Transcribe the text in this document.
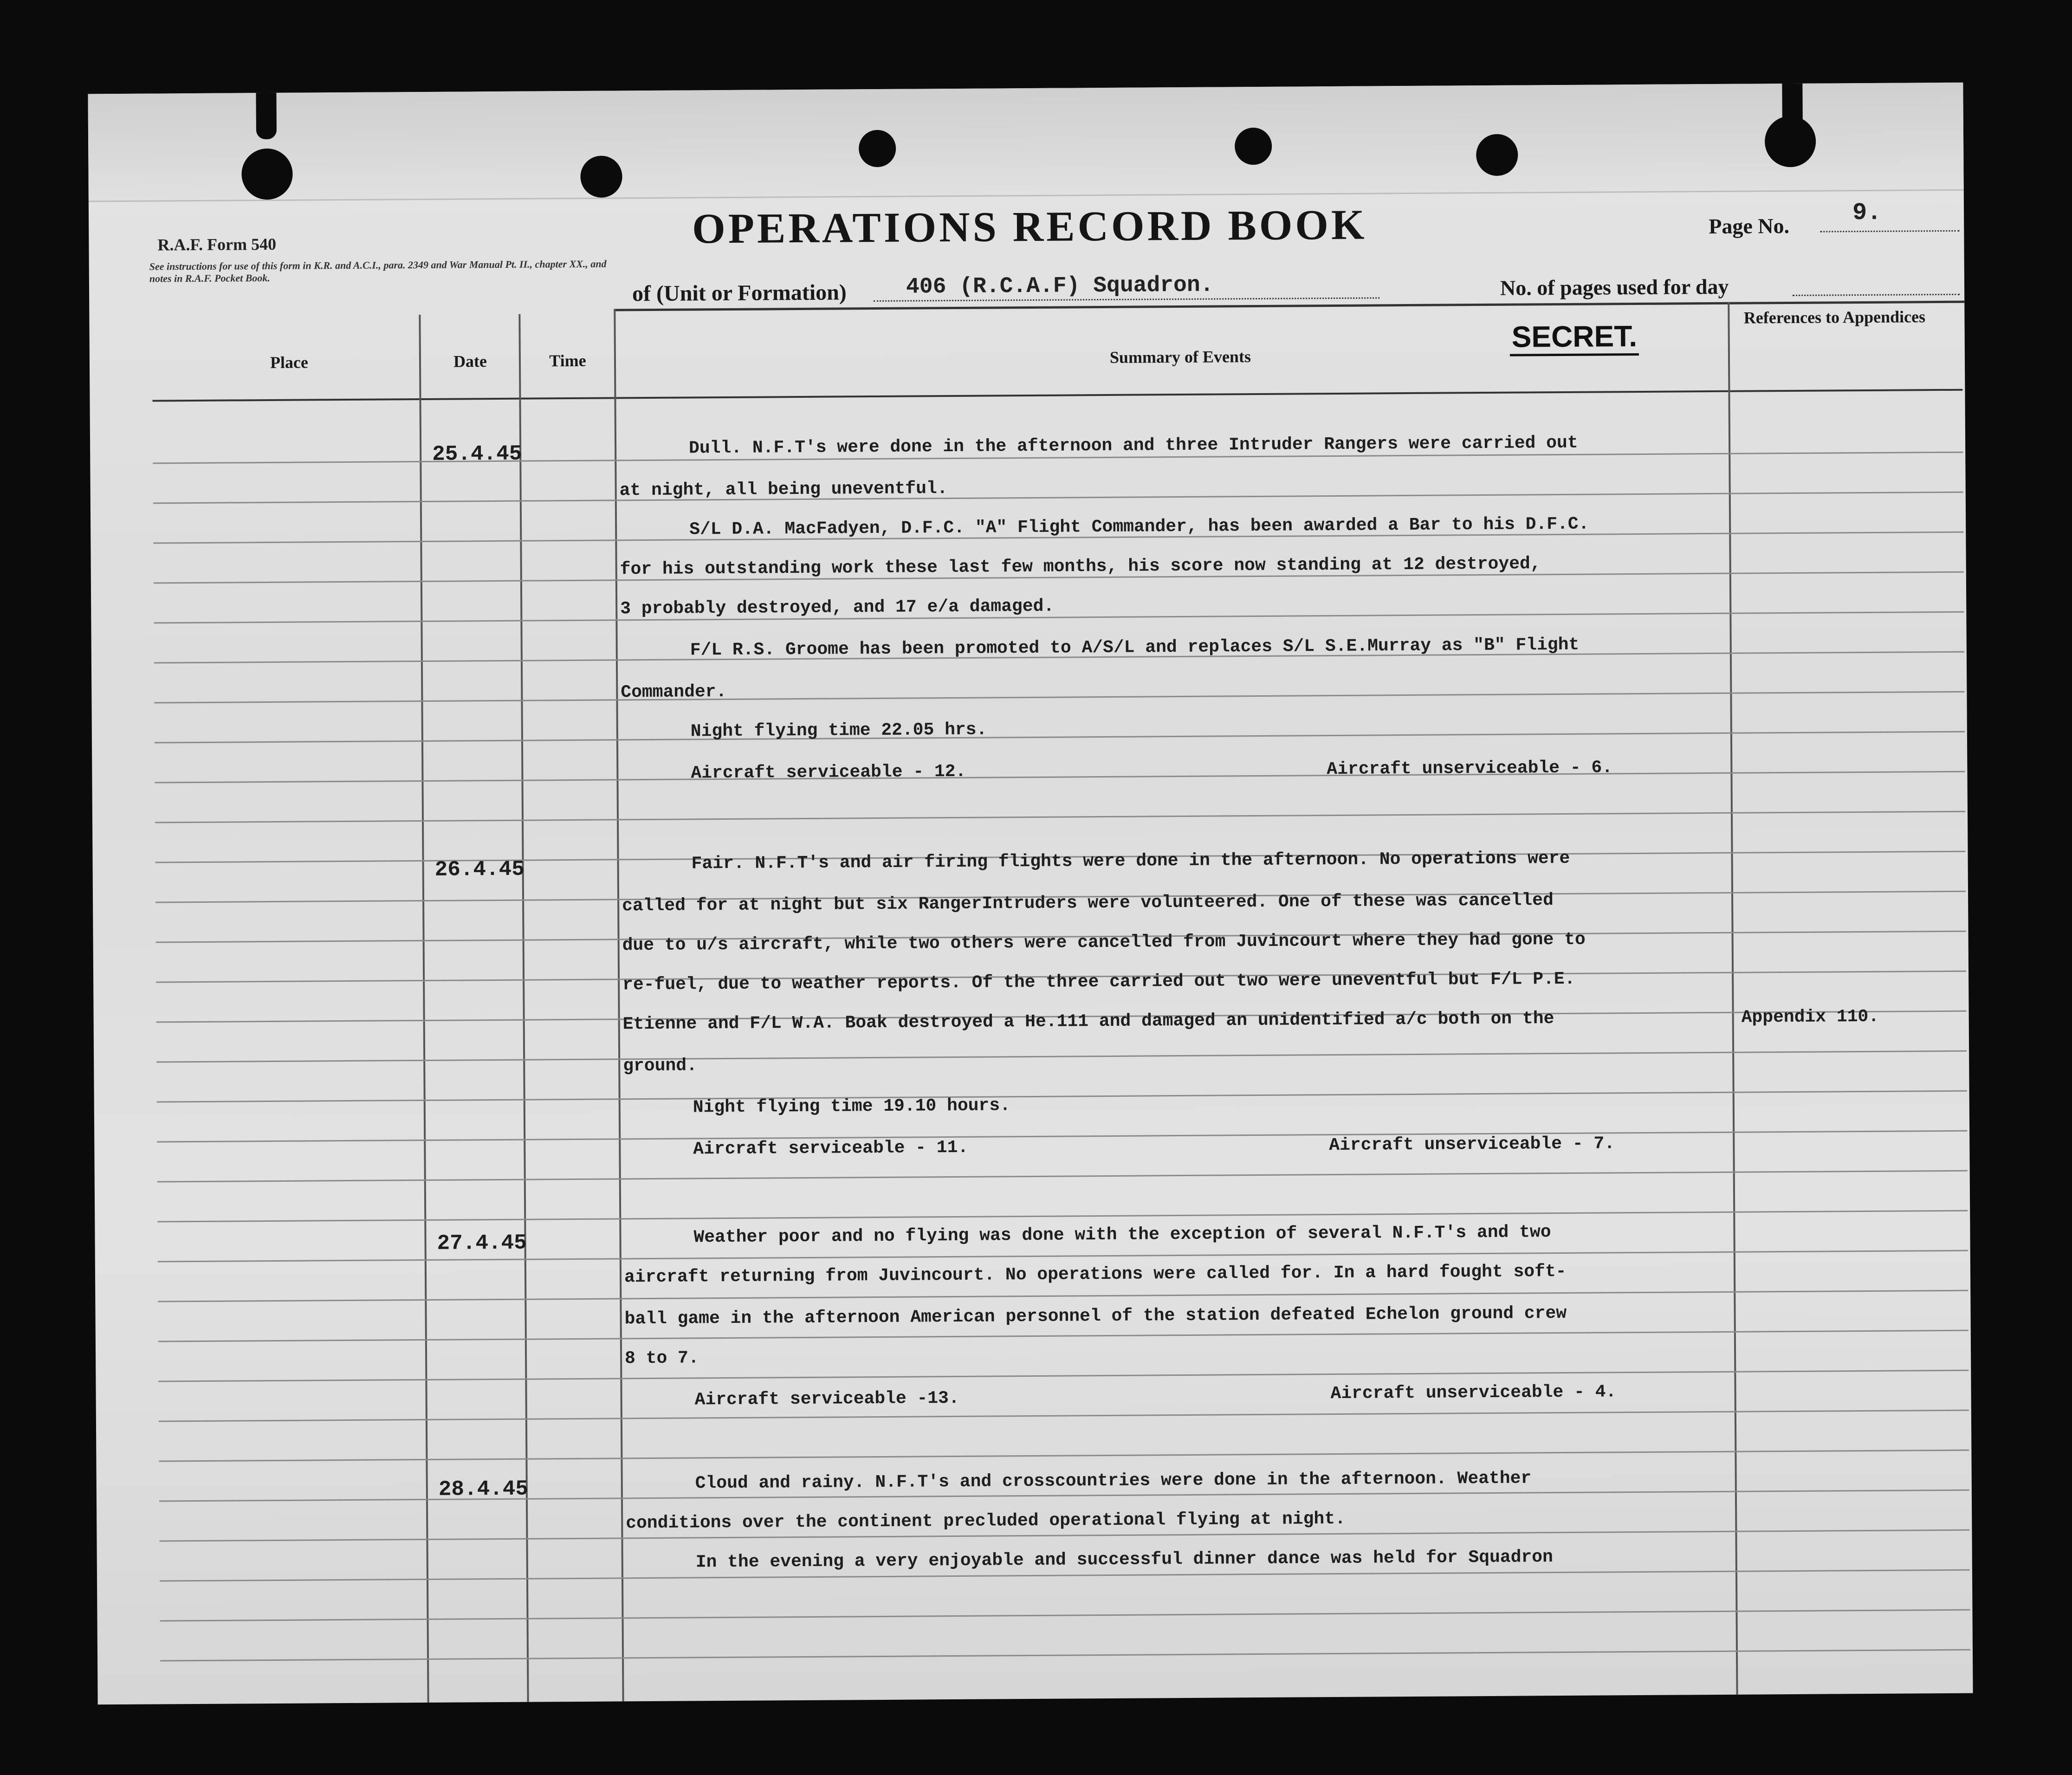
R.A.F. Form 540
See instructions for use of this form in K.R. and A.C.I., para. 2349 and War Manual Pt. II., chapter XX., and notes in R.A.F. Pocket Book.
OPERATIONS RECORD BOOK	Page No.	9.
of (Unit or Formation)	406 (R.C.A.F) Squadron.	No. of pages used for day
Place	Date	Time	Summary of Events
References to Appendices
SECRET.
25.4.45	Dull. N.F.T's were done in the afternoon and three Intruder Rangers were carried out
at night, all being uneventful.
S/L D.A. MacFadyen, D.F.C. "A" Flight Commander, has been awarded a Bar to his D.F.C.
for his outstanding work these last few months, his score now standing at 12 destroyed,
3 probably destroyed, and 17 e/a damaged.
F/L R.S. Groome has been promoted to A/S/L and replaces S/L S.E.Murray as "B" Flight
Commander.
Night flying time 22.05 hrs.
Aircraft serviceable - 12.	Aircraft unserviceable - 6.
26.4.45	Fair. N.F.T's and air firing flights were done in the afternoon. No operations were
called for at night but six RangerIntruders were volunteered. One of these was cancelled
due to u/s aircraft, while two others were cancelled from Juvincourt where they had gone to
re-fuel, due to weather reports. Of the three carried out two were uneventful but F/L P.E.
Etienne and F/L W.A. Boak destroyed a He.111 and damaged an unidentified a/c both on the	Appendix 110.
ground.
Night flying time 19.10 hours.
Aircraft serviceable - 11.	Aircraft unserviceable - 7.
27.4.45	Weather poor and no flying was done with the exception of several N.F.T's and two
aircraft returning from Juvincourt. No operations were called for. In a hard fought soft-
ball game in the afternoon American personnel of the station defeated Echelon ground crew
8 to 7.
Aircraft serviceable -13.	Aircraft unserviceable - 4.
28.4.45	Cloud and rainy. N.F.T's and crosscountries were done in the afternoon. Weather
conditions over the continent precluded operational flying at night.
In the evening a very enjoyable and successful dinner dance was held for Squadron
